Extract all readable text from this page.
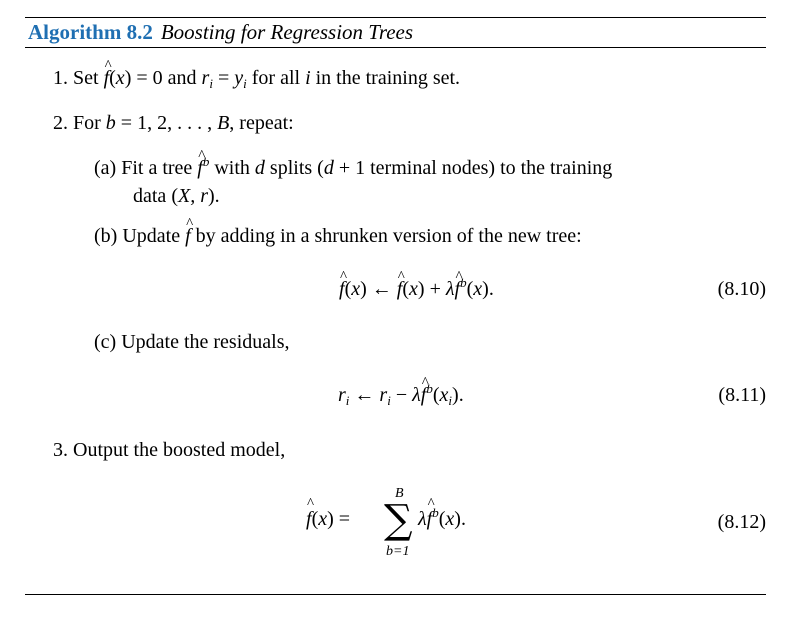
Algorithm 8.2 Boosting for Regression Trees
1. Set ^ f(x) = 0 and $r_i = y_i$ for all i in the training set.
2. For b = 1, 2, . . . , B, repeat:
(a) Fit a tree ^ $f^b$ with d splits (d + 1 terminal nodes) to the training
data (X, r).
(b) Update ^ f by adding in a shrunken version of the new tree:
^ f(x) ← ^ f(x) + λ^ $f^b(x)$.	(8.10)
(c) Update the residuals,
$r_i$ ← $r_i$ − λ^ $f^b(x_i)$.	(8.11)
3. Output the boosted model,
^ f(x) =
B
∑
b=1
λ^ $f^b(x)$.	(8.12)
